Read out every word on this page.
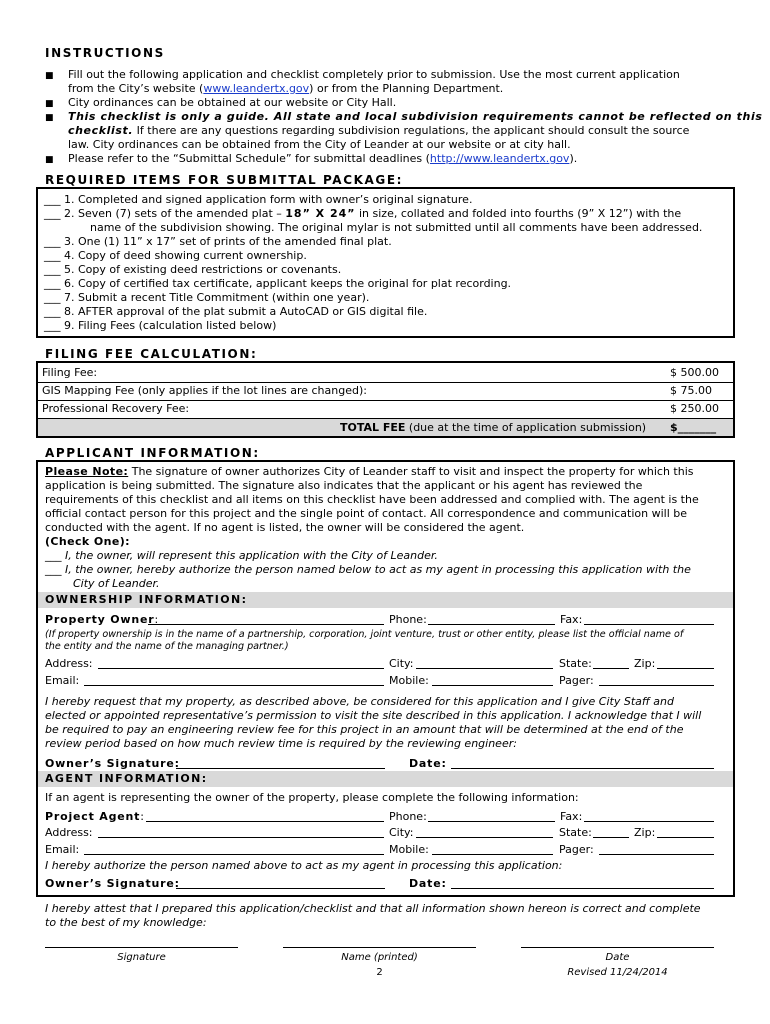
INSTRUCTIONS
■ Fill out the following application and checklist completely prior to submission. Use the most current application
from the City’s website (www.leandertx.gov) or from the Planning Department.
■ City ordinances can be obtained at our website or City Hall.
■ This checklist is only a guide. All state and local subdivision requirements cannot be reflected on this
checklist. If there are any questions regarding subdivision regulations, the applicant should consult the source
law. City ordinances can be obtained from the City of Leander at our website or at city hall.
■ Please refer to the “Submittal Schedule” for submittal deadlines (http://www.leandertx.gov).
REQUIRED ITEMS FOR SUBMITTAL PACKAGE:
___ 1. Completed and signed application form with owner’s original signature.
___ 2. Seven (7) sets of the amended plat – 18” X 24” in size, collated and folded into fourths (9” X 12”) with the
name of the subdivision showing. The original mylar is not submitted until all comments have been addressed.
___ 3. One (1) 11” x 17” set of prints of the amended final plat.
___ 4. Copy of deed showing current ownership.
___ 5. Copy of existing deed restrictions or covenants.
___ 6. Copy of certified tax certificate, applicant keeps the original for plat recording.
___ 7. Submit a recent Title Commitment (within one year).
___ 8. AFTER approval of the plat submit a AutoCAD or GIS digital file.
___ 9. Filing Fees (calculation listed below)
FILING FEE CALCULATION:
Filing Fee:	$ 500.00
GIS Mapping Fee (only applies if the lot lines are changed):	$ 75.00
Professional Recovery Fee:	$ 250.00
TOTAL FEE (due at the time of application submission) $_______
APPLICANT INFORMATION:
Please Note: The signature of owner authorizes City of Leander staff to visit and inspect the property for which this
application is being submitted. The signature also indicates that the applicant or his agent has reviewed the
requirements of this checklist and all items on this checklist have been addressed and complied with. The agent is the
official contact person for this project and the single point of contact. All correspondence and communication will be
conducted with the agent. If no agent is listed, the owner will be considered the agent.
(Check One):
___ I, the owner, will represent this application with the City of Leander.
___ I, the owner, hereby authorize the person named below to act as my agent in processing this application with the
City of Leander.
OWNERSHIP INFORMATION:
Property Owner:	Phone:	Fax:
(If property ownership is in the name of a partnership, corporation, joint venture, trust or other entity, please list the official name of
the entity and the name of the managing partner.)
Address:	City:	State:	Zip:
Email:	Mobile:	Pager:
I hereby request that my property, as described above, be considered for this application and I give City Staff and
elected or appointed representative’s permission to visit the site described in this application. I acknowledge that I will
be required to pay an engineering review fee for this project in an amount that will be determined at the end of the
review period based on how much review time is required by the reviewing engineer:
Owner’s Signature:	Date:
AGENT INFORMATION:
If an agent is representing the owner of the property, please complete the following information:
Project Agent:	Phone:	Fax:
Address:	City:	State:	Zip:
Email:	Mobile:	Pager:
I hereby authorize the person named above to act as my agent in processing this application:
Owner’s Signature:	Date:
I hereby attest that I prepared this application/checklist and that all information shown hereon is correct and complete
to the best of my knowledge:
Signature	Name (printed)	Date
2	Revised 11/24/2014
